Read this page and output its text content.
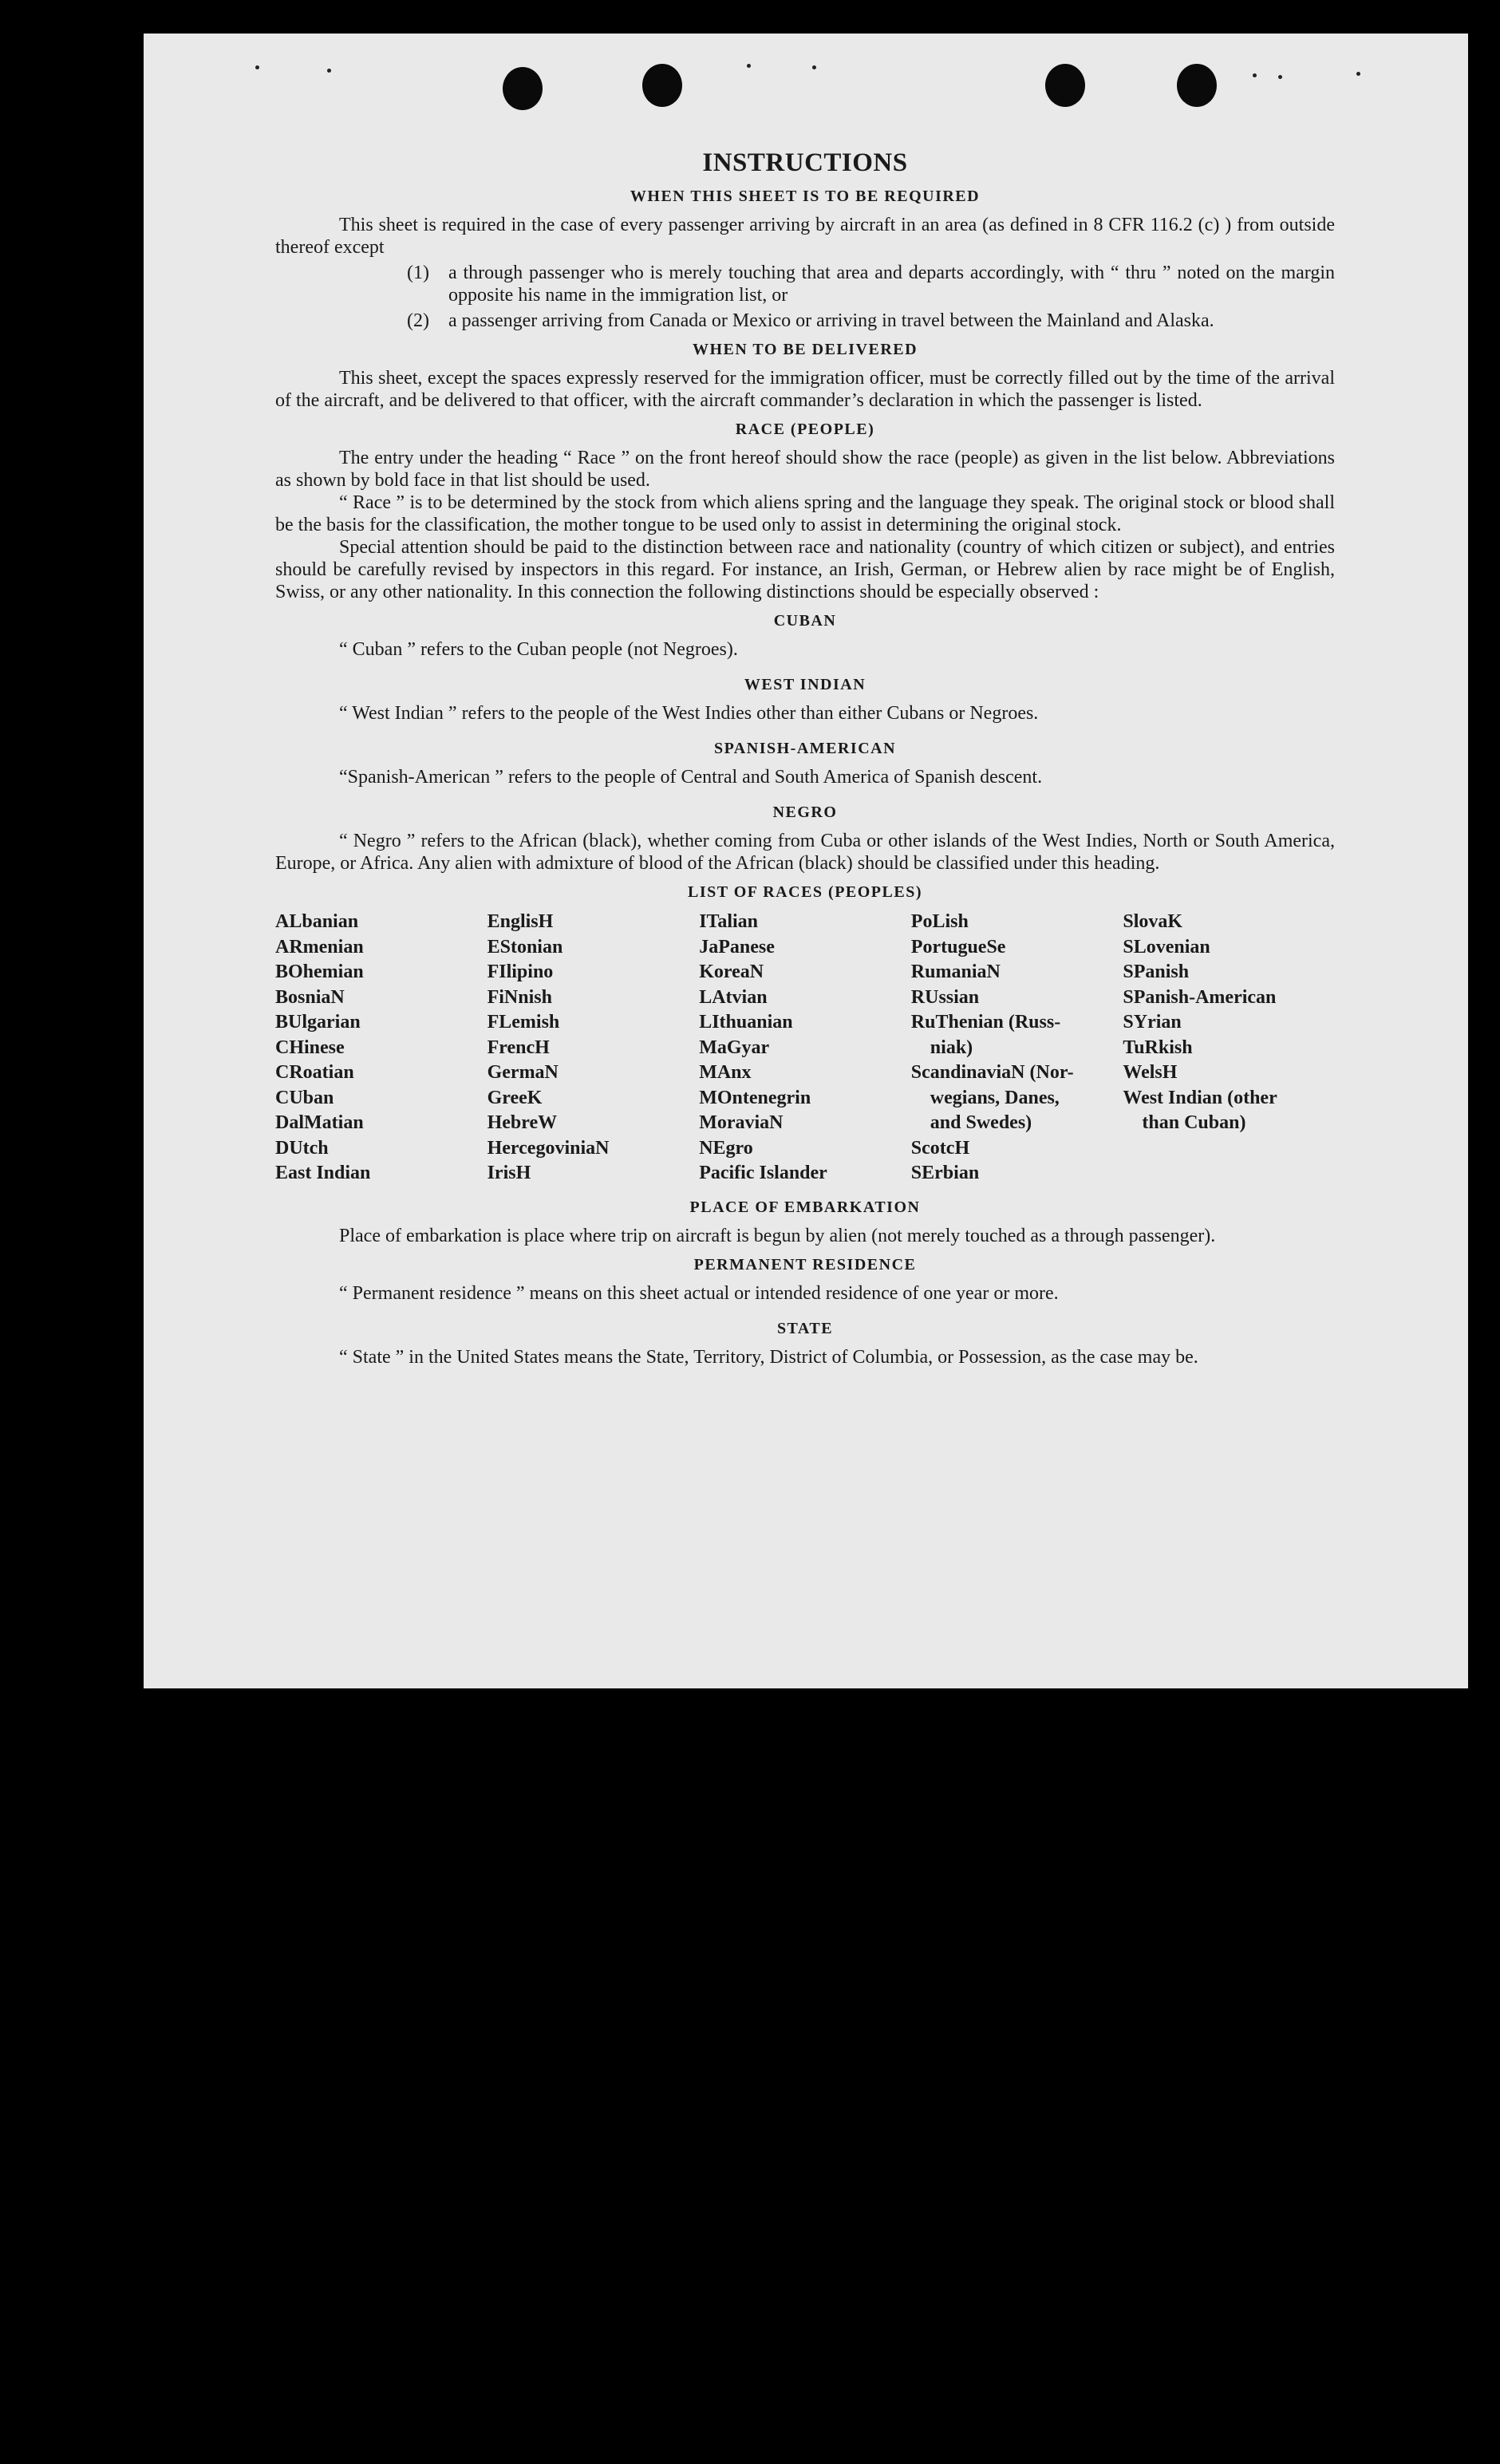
INSTRUCTIONS
WHEN THIS SHEET IS TO BE REQUIRED

This sheet is required in the case of every passenger arriving by aircraft in an area (as defined in 8 CFR 116.2 (c) ) from outside thereof except

(1)	a through passenger who is merely touching that area and departs accordingly, with “ thru ” noted on the margin opposite his name in the immigration list, or
(2)	a passenger arriving from Canada or Mexico or arriving in travel between the Mainland and Alaska.
WHEN TO BE DELIVERED

This sheet, except the spaces expressly reserved for the immigration officer, must be correctly filled out by the time of the arrival of the aircraft, and be delivered to that officer, with the aircraft commander’s declaration in which the passenger is listed.

RACE (PEOPLE)

The entry under the heading “ Race ” on the front hereof should show the race (people) as given in the list below. Abbreviations as shown by bold face in that list should be used.

“ Race ” is to be determined by the stock from which aliens spring and the language they speak. The original stock or blood shall be the basis for the classification, the mother tongue to be used only to assist in determining the original stock.

Special attention should be paid to the distinction between race and nationality (country of which citizen or subject), and entries should be carefully revised by inspectors in this regard. For instance, an Irish, German, or Hebrew alien by race might be of English, Swiss, or any other nationality. In this connection the following distinctions should be especially observed :

CUBAN

“ Cuban ” refers to the Cuban people (not Negroes).

WEST INDIAN

“ West Indian ” refers to the people of the West Indies other than either Cubans or Negroes.

SPANISH-AMERICAN

“Spanish-American ” refers to the people of Central and South America of Spanish descent.

NEGRO

“ Negro ” refers to the African (black), whether coming from Cuba or other islands of the West Indies, North or South America, Europe, or Africa. Any alien with admixture of blood of the African (black) should be classified under this heading.

LIST OF RACES (PEOPLES)
ALbanian
ARmenian
BOhemian
BosniaN
BUlgarian
CHinese
CRoatian
CUban
DalMatian
DUtch
East Indian
EnglisH
EStonian
FIlipino
FiNnish
FLemish
FrencH
GermaN
GreeK
HebreW
HercegoviniaN
IrisH
ITalian
JaPanese
KoreaN
LAtvian
LIthuanian
MaGyar
MAnx
MOntenegrin
MoraviaN
NEgro
Pacific Islander
PoLish
PortugueSe
RumaniaN
RUssian
RuThenian (Russ-
niak)
ScandinaviaN (Nor-
wegians, Danes,
and Swedes)
ScotcH
SErbian
SlovaK
SLovenian
SPanish
SPanish-American
SYrian
TuRkish
WelsH
West Indian (other
than Cuban)
PLACE OF EMBARKATION

Place of embarkation is place where trip on aircraft is begun by alien (not merely touched as a through passenger).

PERMANENT RESIDENCE

“ Permanent residence ” means on this sheet actual or intended residence of one year or more.

STATE

“ State ” in the United States means the State, Territory, District of Columbia, or Possession, as the case may be.
